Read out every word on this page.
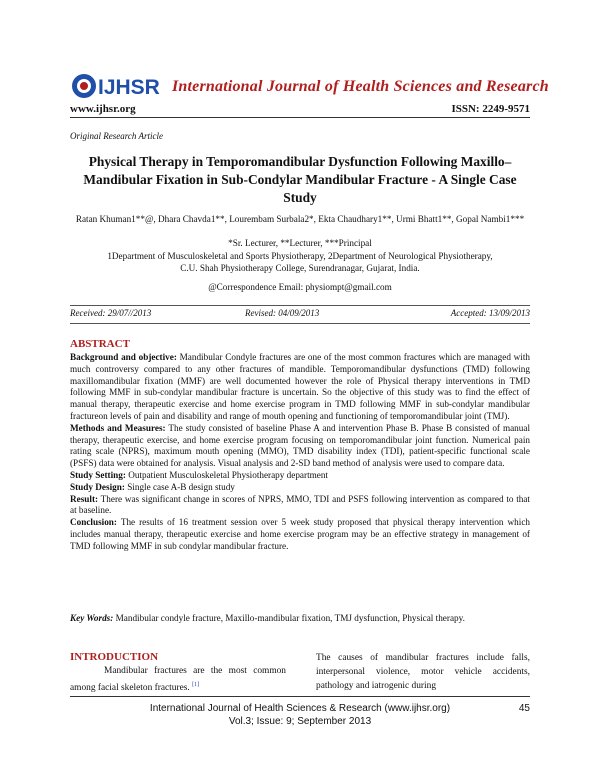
IJHSR International Journal of Health Sciences and Research
www.ijhsr.org	ISSN: 2249-9571
Original Research Article
Physical Therapy in Temporomandibular Dysfunction Following Maxillo–Mandibular Fixation in Sub-Condylar Mandibular Fracture - A Single Case Study
Ratan Khuman1**@, Dhara Chavda1**, Lourembam Surbala2*, Ekta Chaudhary1**, Urmi Bhatt1**, Gopal Nambi1***
*Sr. Lecturer, **Lecturer, ***Principal
1Department of Musculoskeletal and Sports Physiotherapy, 2Department of Neurological Physiotherapy,
C.U. Shah Physiotherapy College, Surendranagar, Gujarat, India.
@Correspondence Email: physiompt@gmail.com
Received: 29/07//2013	Revised: 04/09/2013	Accepted: 13/09/2013
ABSTRACT

Background and objective: Mandibular Condyle fractures are one of the most common fractures which are managed with much controversy compared to any other fractures of mandible. Temporomandibular dysfunctions (TMD) following maxillomandibular fixation (MMF) are well documented however the role of Physical therapy interventions in TMD following MMF in sub-condylar mandibular fracture is uncertain. So the objective of this study was to find the effect of manual therapy, therapeutic exercise and home exercise program in TMD following MMF in sub-condylar mandibular fractureon levels of pain and disability and range of mouth opening and functioning of temporomandibular joint (TMJ).

Methods and Measures: The study consisted of baseline Phase A and intervention Phase B. Phase B consisted of manual therapy, therapeutic exercise, and home exercise program focusing on temporomandibular joint function. Numerical pain rating scale (NPRS), maximum mouth opening (MMO), TMD disability index (TDI), patient-specific functional scale (PSFS) data were obtained for analysis. Visual analysis and 2-SD band method of analysis were used to compare data.

Study Setting: Outpatient Musculoskeletal Physiotherapy department

Study Design: Single case A-B design study

Result: There was significant change in scores of NPRS, MMO, TDI and PSFS following intervention as compared to that at baseline.

Conclusion: The results of 16 treatment session over 5 week study proposed that physical therapy intervention which includes manual therapy, therapeutic exercise and home exercise program may be an effective strategy in management of TMD following MMF in sub condylar mandibular fracture.

Key Words: Mandibular condyle fracture, Maxillo-mandibular fixation, TMJ dysfunction, Physical therapy.
INTRODUCTION
Mandibular fractures are the most common among facial skeleton fractures. [1]
The causes of mandibular fractures include falls, interpersonal violence, motor vehicle accidents, pathology and iatrogenic during
International Journal of Health Sciences & Research (www.ijhsr.org)	45
Vol.3; Issue: 9; September 2013
